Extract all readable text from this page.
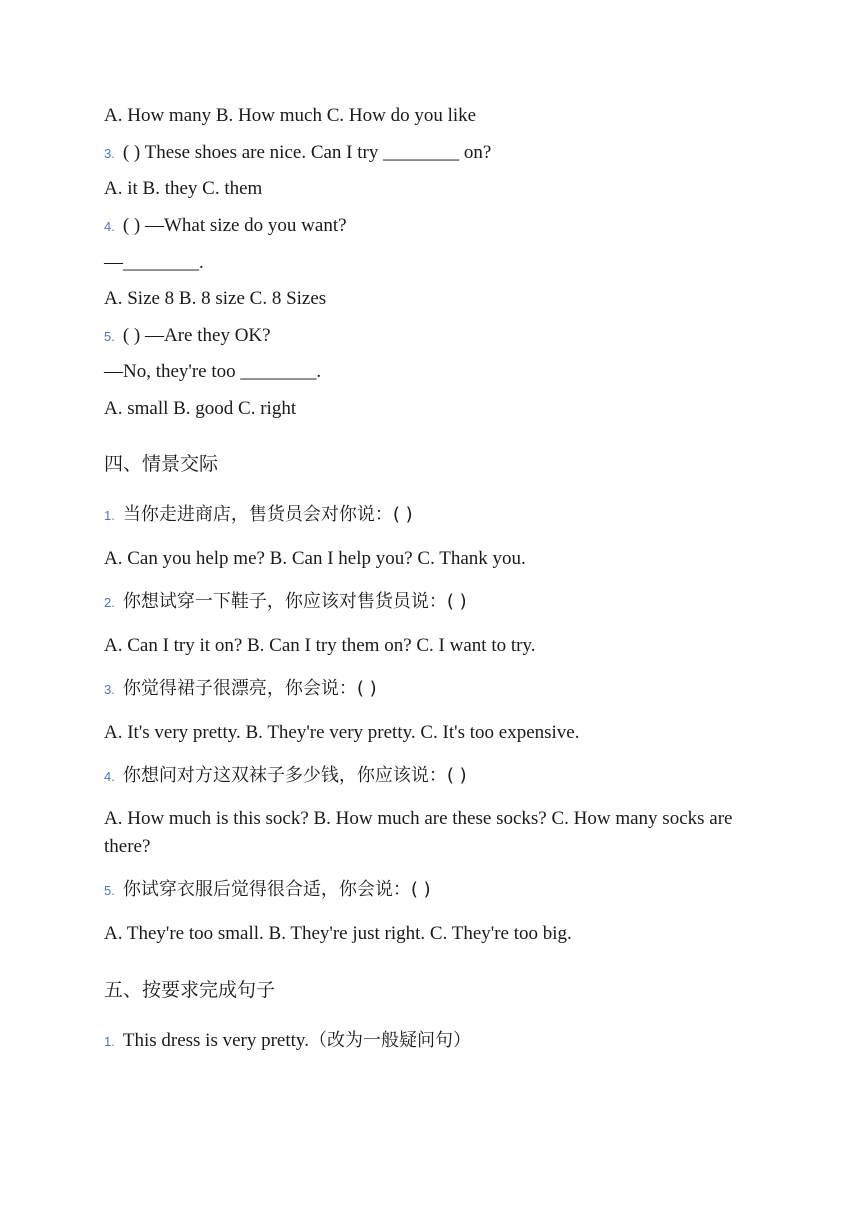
A. How many B. How much C. How do you like
3. ( ) These shoes are nice. Can I try ________ on?
A. it B. they C. them
4. ( ) —What size do you want?
—________.
A. Size 8 B. 8 size C. 8 Sizes
5. ( ) —Are they OK?
—No, they're too ________.
A. small B. good C. right
四、情景交际
1. 当你走进商店，售货员会对你说：( )
A. Can you help me? B. Can I help you? C. Thank you.
2. 你想试穿一下鞋子，你应该对售货员说：( )
A. Can I try it on? B. Can I try them on? C. I want to try.
3. 你觉得裙子很漂亮，你会说：( )
A. It's very pretty. B. They're very pretty. C. It's too expensive.
4. 你想问对方这双袜子多少钱，你应该说：( )
A. How much is this sock? B. How much are these socks? C. How many socks are there?
5. 你试穿衣服后觉得很合适，你会说：( )
A. They're too small. B. They're just right. C. They're too big.
五、按要求完成句子
1. This dress is very pretty.（改为一般疑问句）
